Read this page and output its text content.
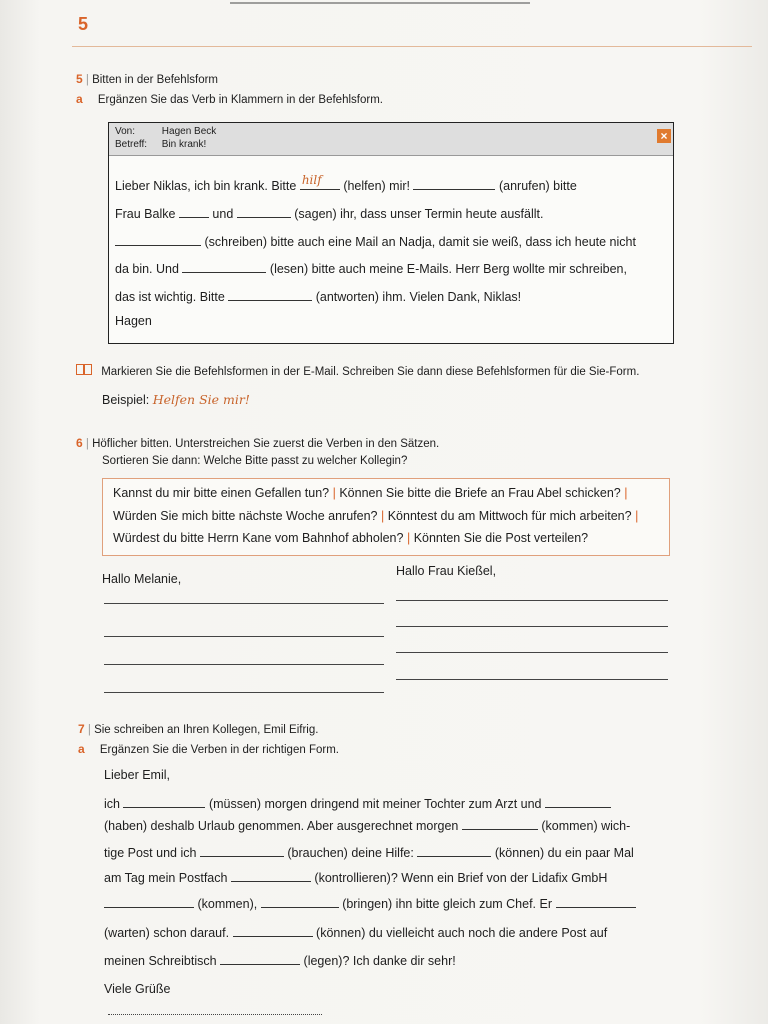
5
5 | Bitten in der Befehlsform
a Ergänzen Sie das Verb in Klammern in der Befehlsform.
Von:	Hagen Beck
Betreff: Bin krank!
×
Lieber Niklas, ich bin krank. Bitte hilf (helfen) mir!	(anrufen) bitte
Frau Balke	und	(sagen) ihr, dass unser Termin heute ausfällt.
(schreiben) bitte auch eine Mail an Nadja, damit sie weiß, dass ich heute nicht
da bin. Und	(lesen) bitte auch meine E-Mails. Herr Berg wollte mir schreiben,
das ist wichtig. Bitte	(antworten) ihm. Vielen Dank, Niklas!
Hagen
Markieren Sie die Befehlsformen in der E-Mail. Schreiben Sie dann diese Befehlsformen für die Sie-Form.
Beispiel: Helfen Sie mir!
6 | Höflicher bitten. Unterstreichen Sie zuerst die Verben in den Sätzen.
Sortieren Sie dann: Welche Bitte passt zu welcher Kollegin?
Kannst du mir bitte einen Gefallen tun? | Können Sie bitte die Briefe an Frau Abel schicken? |
Würden Sie mich bitte nächste Woche anrufen? | Könntest du am Mittwoch für mich arbeiten? |
Würdest du bitte Herrn Kane vom Bahnhof abholen? | Könnten Sie die Post verteilen?
Hallo Melanie,
Hallo Frau Kießel,
7 | Sie schreiben an Ihren Kollegen, Emil Eifrig.
a Ergänzen Sie die Verben in der richtigen Form.
Lieber Emil,
ich	(müssen) morgen dringend mit meiner Tochter zum Arzt und
(haben) deshalb Urlaub genommen. Aber ausgerechnet morgen	(kommen) wich-
tige Post und ich	(brauchen) deine Hilfe:	(können) du ein paar Mal
am Tag mein Postfach	(kontrollieren)? Wenn ein Brief von der Lidafix GmbH
(kommen),	(bringen) ihn bitte gleich zum Chef. Er
(warten) schon darauf.	(können) du vielleicht auch noch die andere Post auf
meinen Schreibtisch	(legen)? Ich danke dir sehr!
Viele Grüße
